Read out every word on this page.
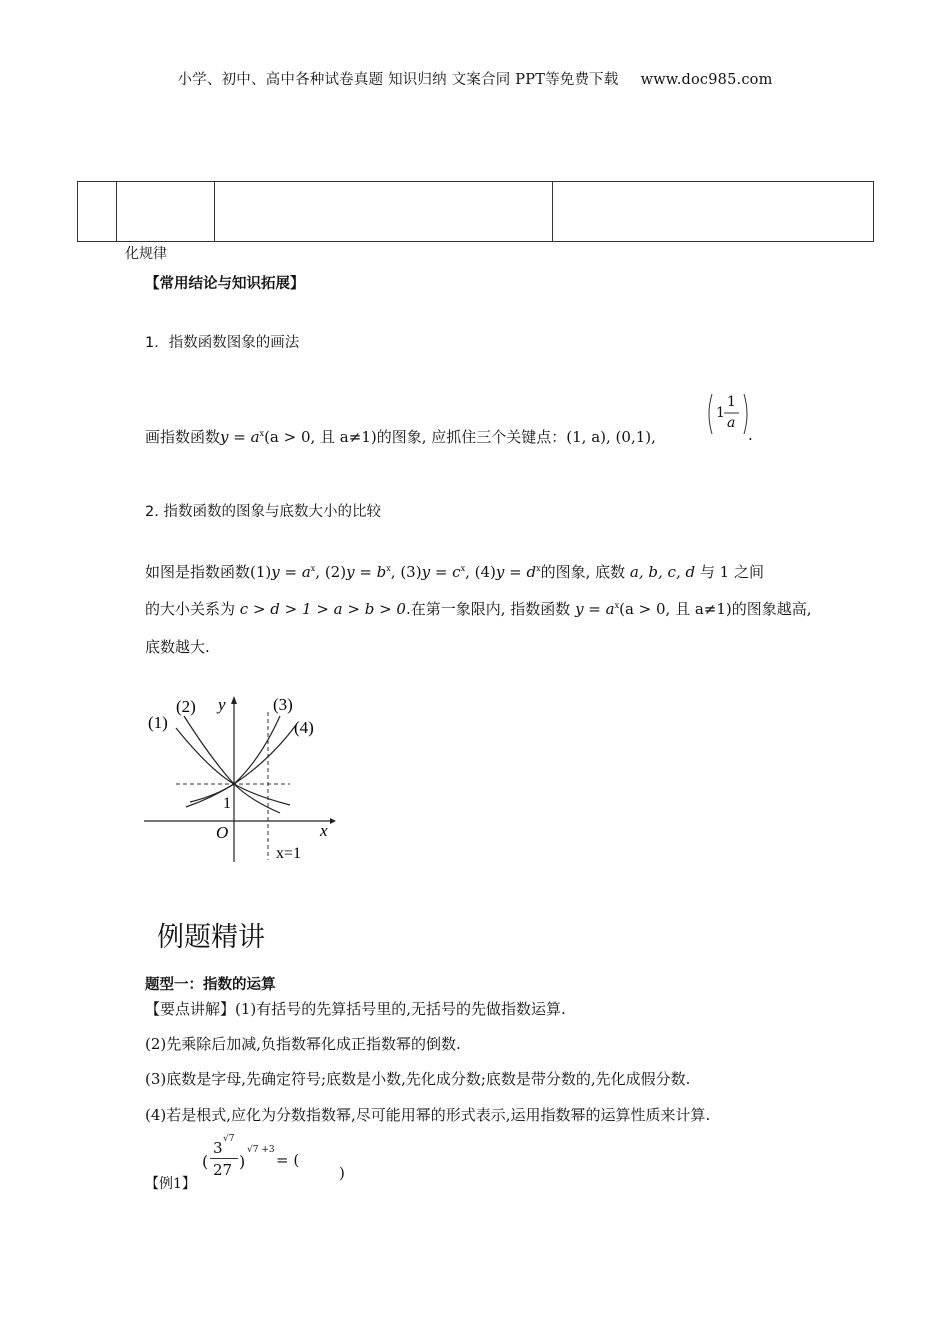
小学、初中、高中各种试卷真题 知识归纳 文案合同 PPT等免费下载 www.doc985.com

化规律
【常用结论与知识拓展】
1．指数函数图象的画法
画指数函数$y = a^x(a > 0$, 且 a≠1)的图象, 应抓住三个关键点：(1, a), (0,1),
1
1
a
.
2. 指数函数的图象与底数大小的比较
如图是指数函数$(1)y = a^x$, $(2)y = b^x$, $(3)y = c^x$, $(4)y = d^x$的图象, 底数 a, b, c, d 与 1 之间
的大小关系为 c > d > 1 > a > b > 0.在第一象限内, 指数函数 $y = a^x(a > 0$, 且 a≠1)的图象越高,
底数越大.
(1)
(2)	(3)
(4)
y
x
O
1
x=1
例题精讲
题型一：指数的运算
【要点讲解】(1)有括号的先算括号里的,无括号的先做指数运算.
(2)先乘除后加减,负指数幂化成正指数幂的倒数.
(3)底数是字母,先确定符号;底数是小数,先化成分数;底数是带分数的,先化成假分数.
(4)若是根式,应化为分数指数幂,尽可能用幂的形式表示,运用指数幂的运算性质来计算.
【例1】
(
3 √7
27 )
√7 +3
= (
)
